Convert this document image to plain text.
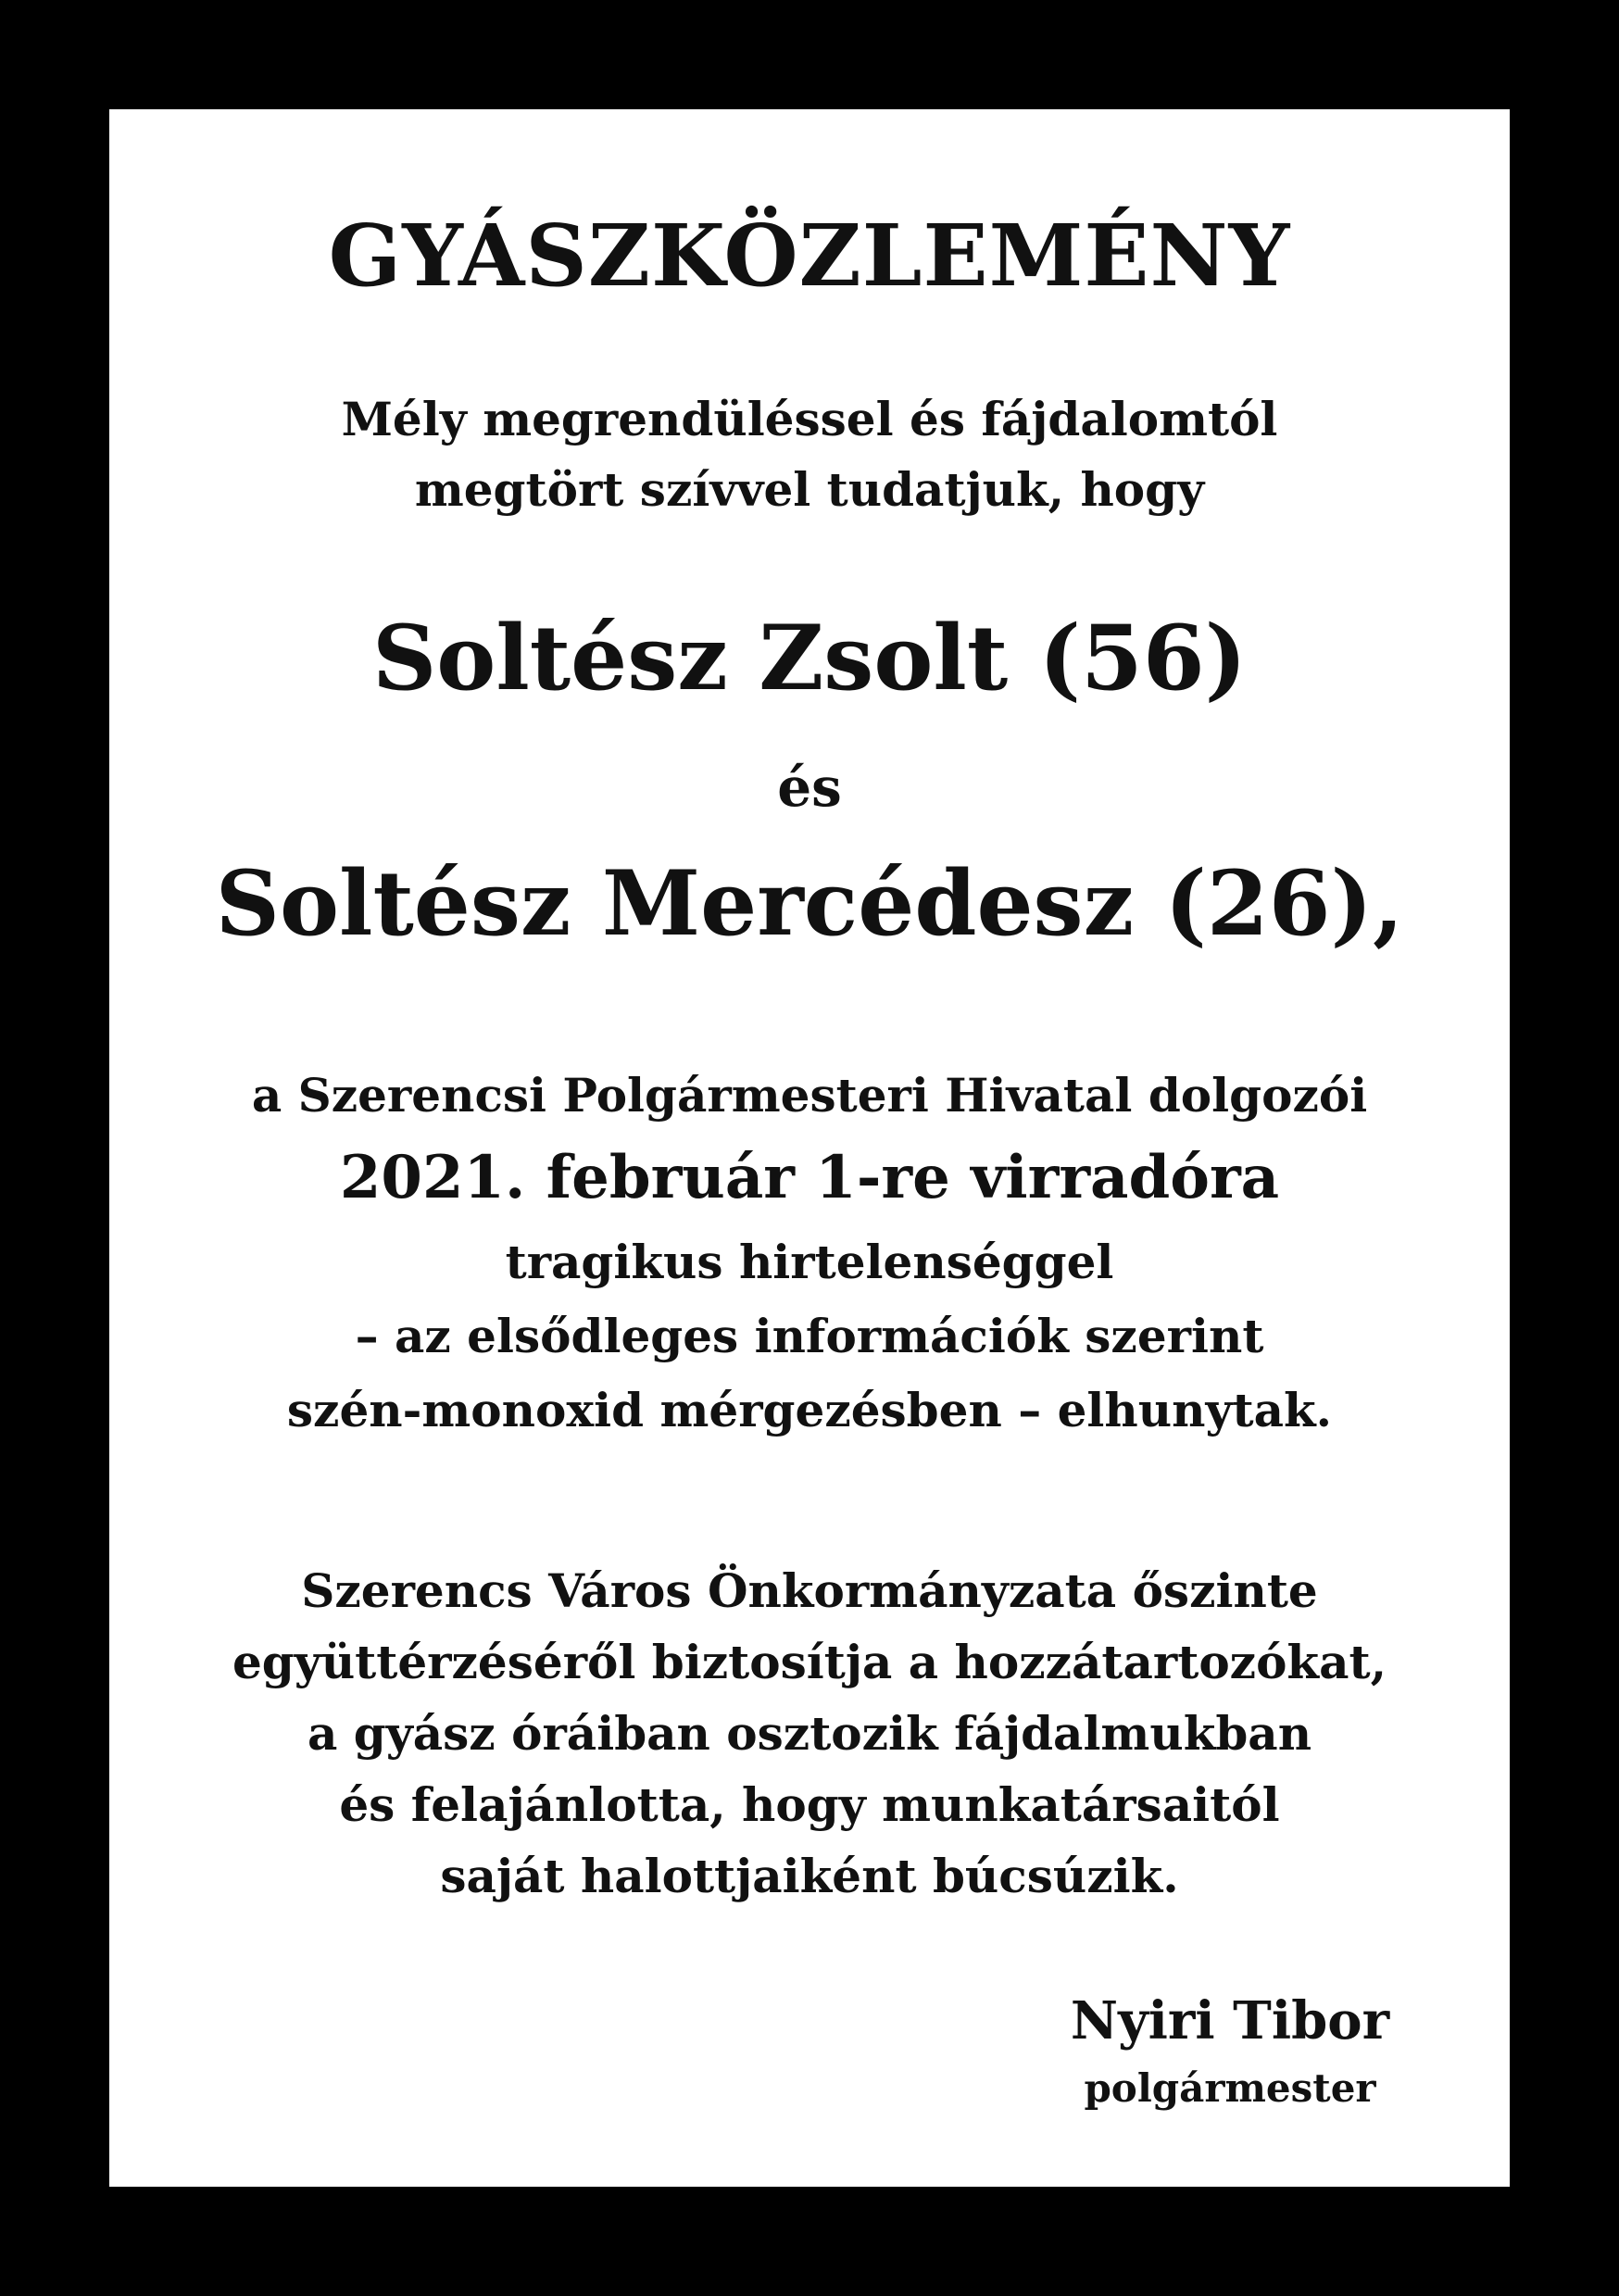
GYÁSZKÖZLEMÉNY
Mély megrendüléssel és fájdalomtól
megtört szívvel tudatjuk, hogy
Soltész Zsolt (56)
és
Soltész Mercédesz (26),
a Szerencsi Polgármesteri Hivatal dolgozói
2021. február 1-re virradóra
tragikus hirtelenséggel
– az elsődleges információk szerint
szén-monoxid mérgezésben – elhunytak.
Szerencs Város Önkormányzata őszinte
együttérzéséről biztosítja a hozzátartozókat,
a gyász óráiban osztozik fájdalmukban
és felajánlotta, hogy munkatársaitól
saját halottjaiként búcsúzik.
Nyiri Tibor
polgármester
